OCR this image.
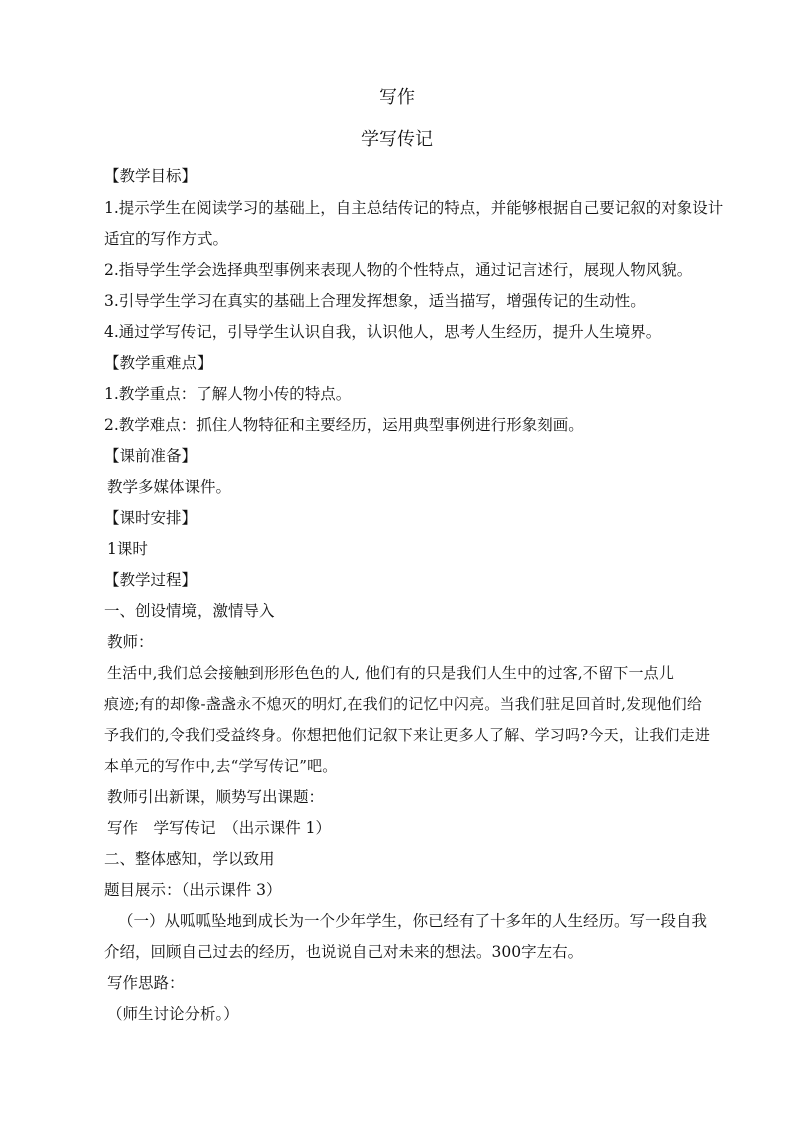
写作
学写传记
【教学目标】
1.提示学生在阅读学习的基础上，自主总结传记的特点，并能够根据自己要记叙的对象设计
适宜的写作方式。
2.指导学生学会选择典型事例来表现人物的个性特点，通过记言述行，展现人物风貌。
3.引导学生学习在真实的基础上合理发挥想象，适当描写，增强传记的生动性。
4.通过学写传记，引导学生认识自我，认识他人，思考人生经历，提升人生境界。
【教学重难点】
1.教学重点：了解人物小传的特点。
2.教学难点：抓住人物特征和主要经历，运用典型事例进行形象刻画。
【课前准备】
教学多媒体课件。
【课时安排】
1课时
【教学过程】
一、创设情境，激情导入
教师：
生活中,我们总会接触到形形色色的人, 他们有的只是我们人生中的过客,不留下一点儿
痕迹;有的却像-盏盏永不熄灭的明灯,在我们的记忆中闪亮。当我们驻足回首时,发现他们给
予我们的,令我们受益终身。你想把他们记叙下来让更多人了解、学习吗?今天，让我们走进
本单元的写作中,去“学写传记”吧。
教师引出新课，顺势写出课题：
写作　学写传记　（出示课件 1）
二、整体感知，学以致用
题目展示：（出示课件 3）
（一）从呱呱坠地到成长为一个少年学生，你已经有了十多年的人生经历。写一段自我
介绍，回顾自己过去的经历，也说说自己对未来的想法。300字左右。
写作思路：
（师生讨论分析。）
